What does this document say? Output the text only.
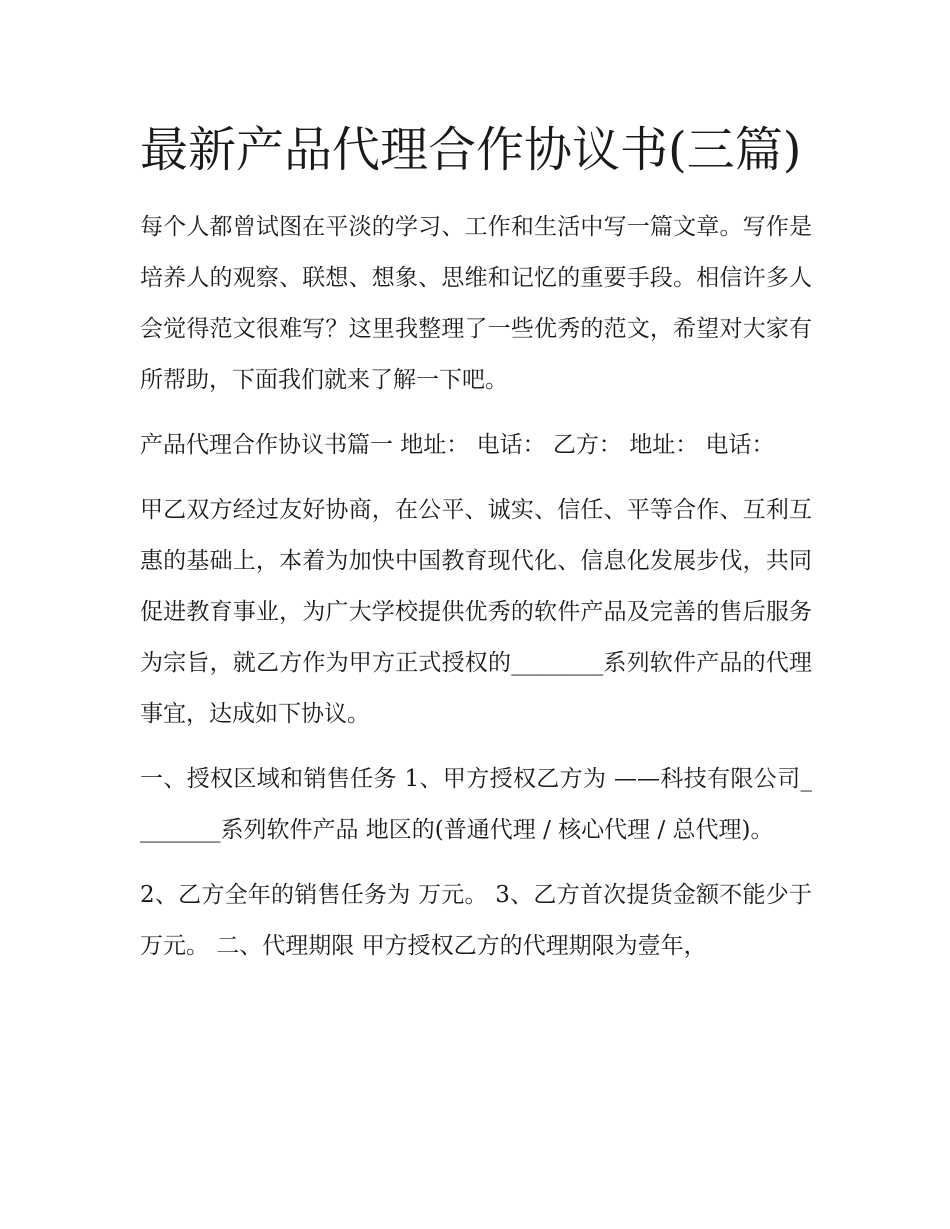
最新产品代理合作协议书(三篇)

每个人都曾试图在平淡的学习、工作和生活中写一篇文章。写作是培养人的观察、联想、想象、思维和记忆的重要手段。相信许多人会觉得范文很难写？这里我整理了一些优秀的范文，希望对大家有所帮助，下面我们就来了解一下吧。

产品代理合作协议书篇一 地址： 电话： 乙方： 地址： 电话：

甲乙双方经过友好协商，在公平、诚实、信任、平等合作、互利互惠的基础上，本着为加快中国教育现代化、信息化发展步伐，共同促进教育事业，为广大学校提供优秀的软件产品及完善的售后服务为宗旨，就乙方作为甲方正式授权的________系列软件产品的代理事宜，达成如下协议。

一、授权区域和销售任务 1、甲方授权乙方为 ——科技有限公司________系列软件产品 地区的(普通代理 / 核心代理 / 总代理)。

2、乙方全年的销售任务为 万元。 3、乙方首次提货金额不能少于 万元。 二、代理期限 甲方授权乙方的代理期限为壹年，
